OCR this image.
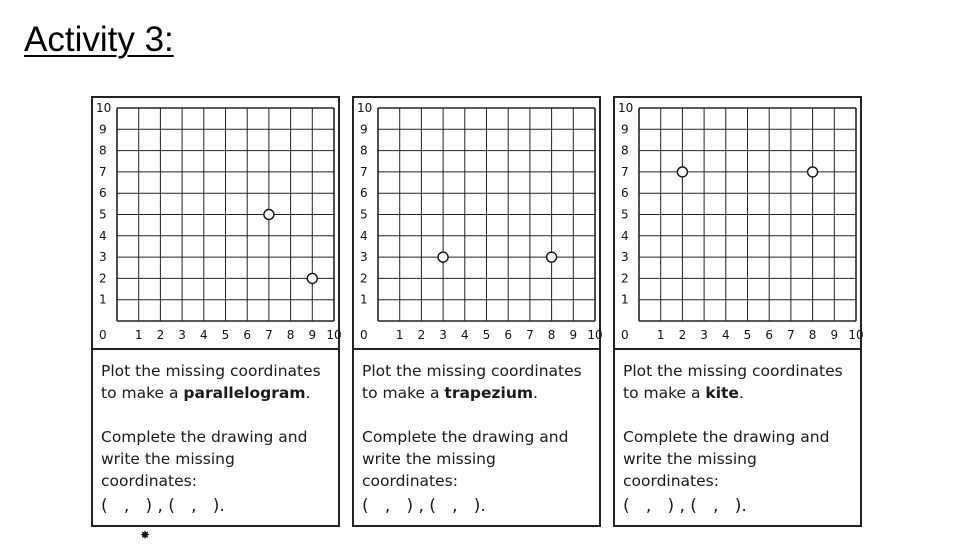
Activity 3:
0 1
1
2
2
3
3
4
4
5
5
6
6
7
7
8
8
9
9
10
10
Plot the missing coordinates to make a parallelogram.
Complete the drawing and write the missing coordinates:
(   ,   ) , (   ,   ).
0 1
1
2
2
3
3
4
4
5
5
6
6
7
7
8
8
9
9
10
10
Plot the missing coordinates to make a trapezium.
Complete the drawing and write the missing coordinates:
(   ,   ) , (   ,   ).
0 1
1
2
2
3
3
4
4
5
5
6
6
7
7
8
8
9
9
10
10
Plot the missing coordinates to make a kite.
Complete the drawing and write the missing coordinates:
(   ,   ) , (   ,   ).
✸
